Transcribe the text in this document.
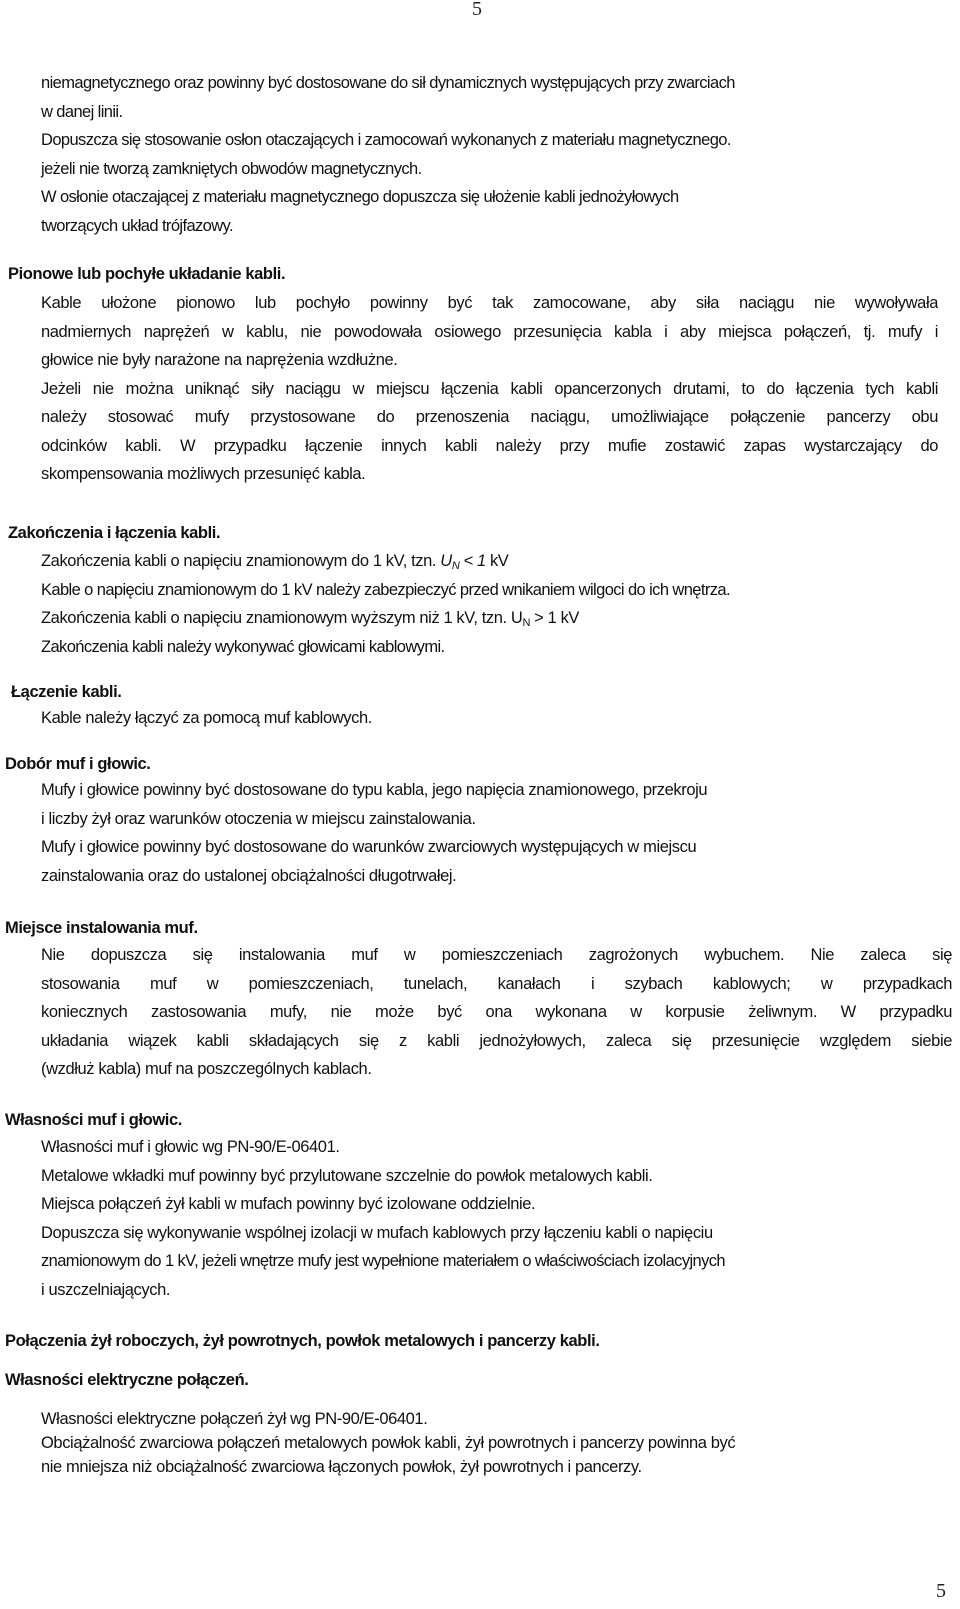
5
niemagnetycznego oraz powinny być dostosowane do sił dynamicznych występujących przy zwarciach
w danej linii.
Dopuszcza się stosowanie osłon otaczających i zamocowań wykonanych z materiału magnetycznego.
jeżeli nie tworzą zamkniętych obwodów magnetycznych.
W osłonie otaczającej z materiału magnetycznego dopuszcza się ułożenie kabli jednożyłowych
tworzących układ trójfazowy.
Pionowe lub pochyłe układanie kabli.
Kable ułożone pionowo lub pochyło powinny być tak zamocowane, aby siła naciągu nie wywoływała
nadmiernych naprężeń w kablu, nie powodowała osiowego przesunięcia kabla i aby miejsca połączeń, tj. mufy i
głowice nie były narażone na naprężenia wzdłużne.
Jeżeli nie można uniknąć siły naciągu w miejscu łączenia kabli opancerzonych drutami, to do łączenia tych kabli
należy stosować mufy przystosowane do przenoszenia naciągu, umożliwiające połączenie pancerzy obu
odcinków kabli. W przypadku łączenie innych kabli należy przy mufie zostawić zapas wystarczający do
skompensowania możliwych przesunięć kabla.
Zakończenia i łączenia kabli.
Zakończenia kabli o napięciu znamionowym do 1 kV, tzn. $U_N < 1$ kV
Kable o napięciu znamionowym do 1 kV należy zabezpieczyć przed wnikaniem wilgoci do ich wnętrza.
Zakończenia kabli o napięciu znamionowym wyższym niż 1 kV, tzn. $U_N > 1$ kV
Zakończenia kabli należy wykonywać głowicami kablowymi.
Łączenie kabli.
Kable należy łączyć za pomocą muf kablowych.
Dobór muf i głowic.
Mufy i głowice powinny być dostosowane do typu kabla, jego napięcia znamionowego, przekroju
i liczby żył oraz warunków otoczenia w miejscu zainstalowania.
Mufy i głowice powinny być dostosowane do warunków zwarciowych występujących w miejscu
zainstalowania oraz do ustalonej obciążalności długotrwałej.
Miejsce instalowania muf.
Nie dopuszcza się instalowania muf w pomieszczeniach zagrożonych wybuchem. Nie zaleca się
stosowania muf w pomieszczeniach, tunelach, kanałach i szybach kablowych; w przypadkach
koniecznych zastosowania mufy, nie może być ona wykonana w korpusie żeliwnym. W przypadku
układania wiązek kabli składających się z kabli jednożyłowych, zaleca się przesunięcie względem siebie
(wzdłuż kabla) muf na poszczególnych kablach.
Własności muf i głowic.
Własności muf i głowic wg PN-90/E-06401.
Metalowe wkładki muf powinny być przylutowane szczelnie do powłok metalowych kabli.
Miejsca połączeń żył kabli w mufach powinny być izolowane oddzielnie.
Dopuszcza się wykonywanie wspólnej izolacji w mufach kablowych przy łączeniu kabli o napięciu
znamionowym do 1 kV, jeżeli wnętrze mufy jest wypełnione materiałem o właściwościach izolacyjnych
i uszczelniających.
Połączenia żył roboczych, żył powrotnych, powłok metalowych i pancerzy kabli.
Własności elektryczne połączeń.
Własności elektryczne połączeń żył wg PN-90/E-06401.
Obciążalność zwarciowa połączeń metalowych powłok kabli, żył powrotnych i pancerzy powinna być
nie mniejsza niż obciążalność zwarciowa łączonych powłok, żył powrotnych i pancerzy.
5
